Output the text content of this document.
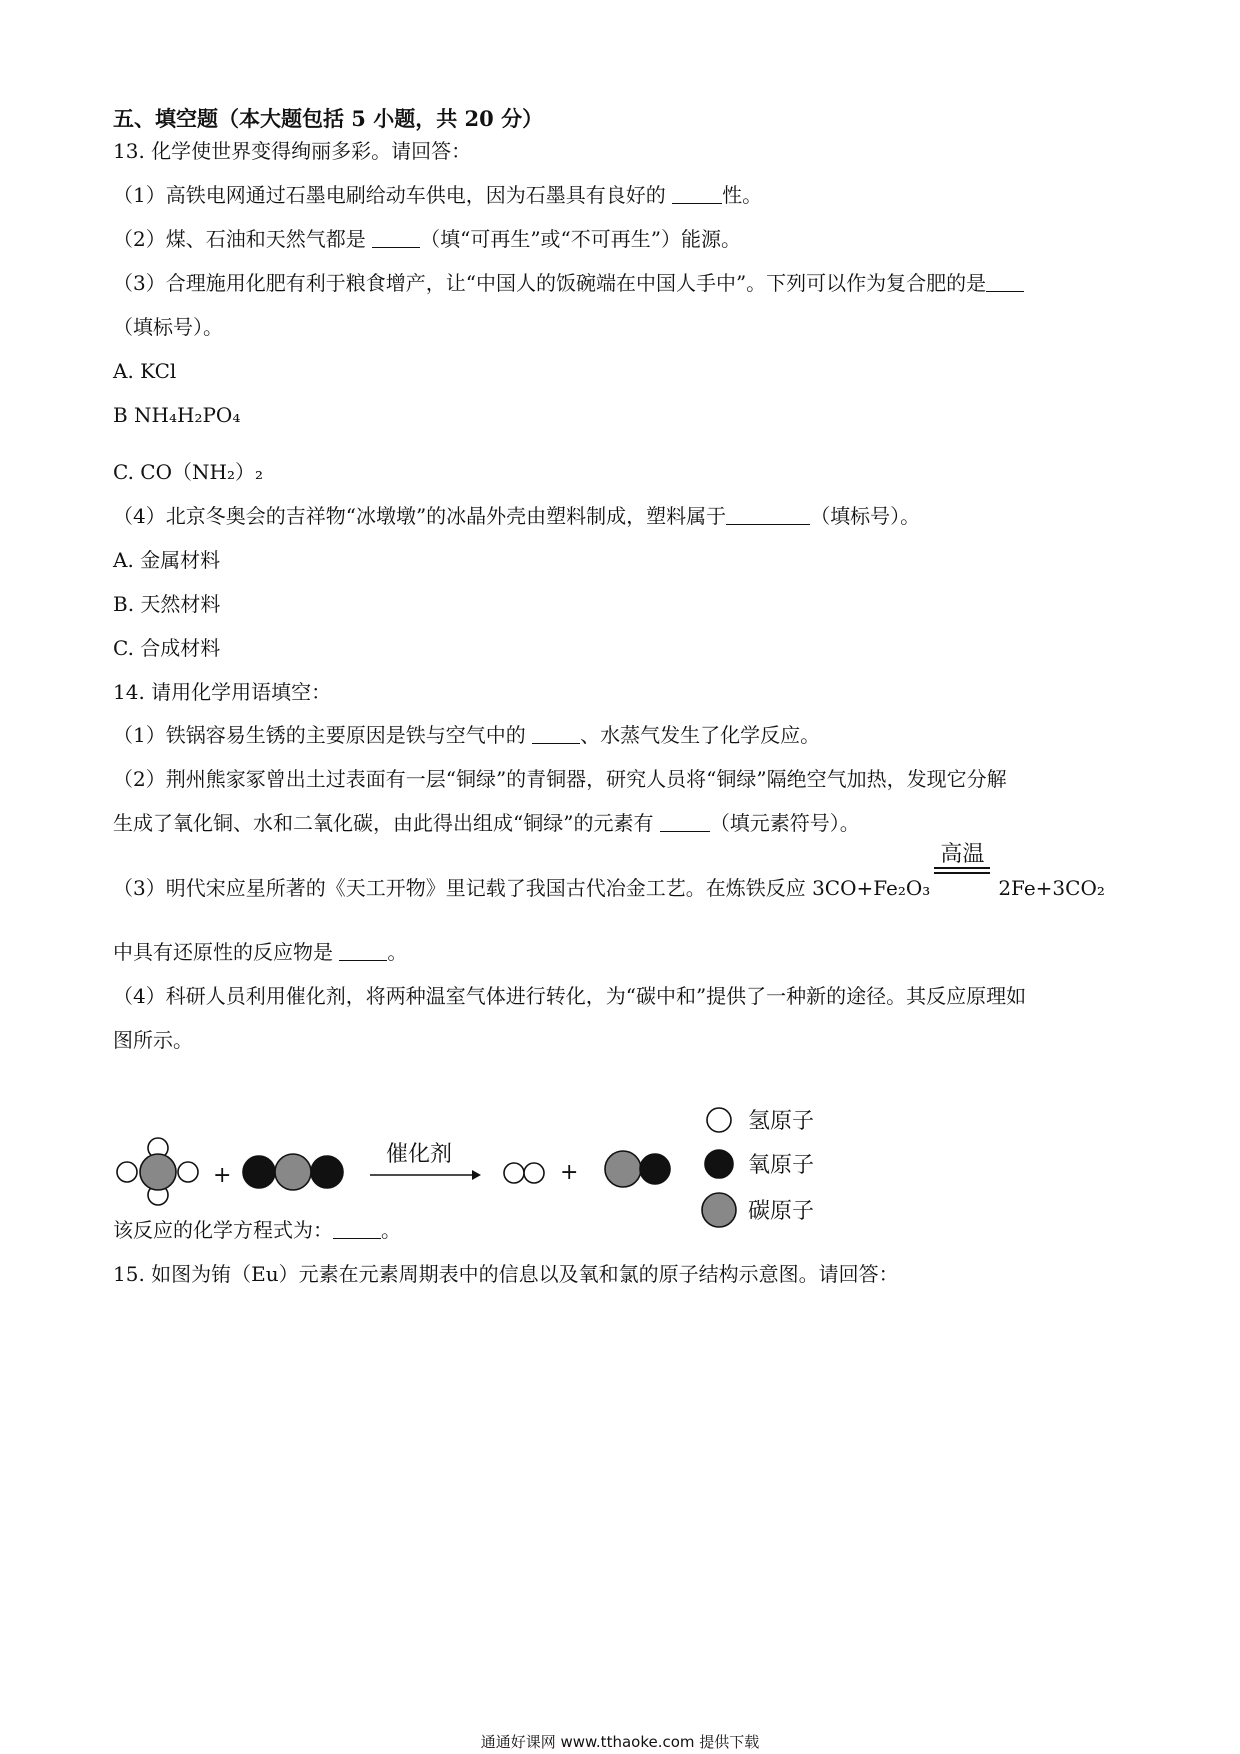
五、填空题（本大题包括 5 小题，共 20 分）
13. 化学使世界变得绚丽多彩。请回答：
（1）高铁电网通过石墨电刷给动车供电，因为石墨具有良好的	性。
（2）煤、石油和天然气都是 （填“可再生”或“不可再生”）能源。
（3）合理施用化肥有利于粮食增产，让“中国人的饭碗端在中国人手中”。下列可以作为复合肥的是
（填标号）。
A. KCl
B NH₄H₂PO₄
C. CO（NH₂）₂
（4）北京冬奥会的吉祥物“冰墩墩”的冰晶外壳由塑料制成，塑料属于	（填标号）。
A. 金属材料
B. 天然材料
C. 合成材料
14. 请用化学用语填空：
（1）铁锅容易生锈的主要原因是铁与空气中的 、水蒸气发生了化学反应。
（2）荆州熊家冢曾出土过表面有一层“铜绿”的青铜器，研究人员将“铜绿”隔绝空气加热，发现它分解
生成了氧化铜、水和二氧化碳，由此得出组成“铜绿”的元素有	（填元素符号）。
（3）明代宋应星所著的《天工开物》里记载了我国古代冶金工艺。在炼铁反应 3CO+Fe₂O₃
高温
2Fe+3CO₂
中具有还原性的反应物是 。
（4）科研人员利用催化剂，将两种温室气体进行转化，为“碳中和”提供了一种新的途径。其反应原理如
图所示。
+	+
催化剂
氢原子
氧原子
碳原子
该反应的化学方程式为： 。
15. 如图为铕（Eu）元素在元素周期表中的信息以及氧和氯的原子结构示意图。请回答：
通通好课网 www.tthaoke.com 提供下载
